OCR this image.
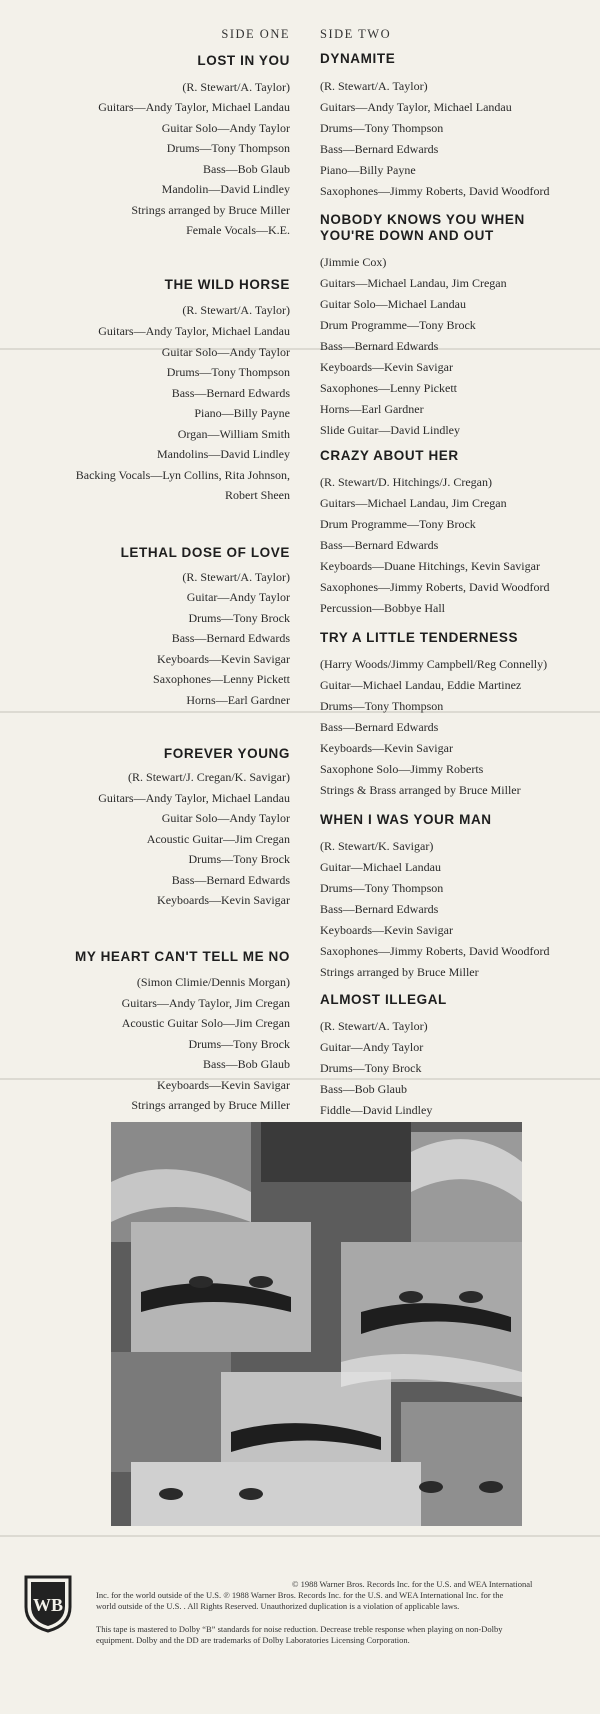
SIDE ONE SIDE TWO
LOST IN YOU
(R. Stewart/A. Taylor)
Guitars—Andy Taylor, Michael Landau
Guitar Solo—Andy Taylor
Drums—Tony Thompson
Bass—Bob Glaub
Mandolin—David Lindley
Strings arranged by Bruce Miller
Female Vocals—K.E.
THE WILD HORSE
(R. Stewart/A. Taylor)
Guitars—Andy Taylor, Michael Landau
Guitar Solo—Andy Taylor
Drums—Tony Thompson
Bass—Bernard Edwards
Piano—Billy Payne
Organ—William Smith
Mandolins—David Lindley
Backing Vocals—Lyn Collins, Rita Johnson,
Robert Sheen
LETHAL DOSE OF LOVE
(R. Stewart/A. Taylor)
Guitar—Andy Taylor
Drums—Tony Brock
Bass—Bernard Edwards
Keyboards—Kevin Savigar
Saxophones—Lenny Pickett
Horns—Earl Gardner
FOREVER YOUNG
(R. Stewart/J. Cregan/K. Savigar)
Guitars—Andy Taylor, Michael Landau
Guitar Solo—Andy Taylor
Acoustic Guitar—Jim Cregan
Drums—Tony Brock
Bass—Bernard Edwards
Keyboards—Kevin Savigar
MY HEART CAN'T TELL ME NO
(Simon Climie/Dennis Morgan)
Guitars—Andy Taylor, Jim Cregan
Acoustic Guitar Solo—Jim Cregan
Drums—Tony Brock
Bass—Bob Glaub
Keyboards—Kevin Savigar
Strings arranged by Bruce Miller
DYNAMITE
(R. Stewart/A. Taylor)
Guitars—Andy Taylor, Michael Landau
Drums—Tony Thompson
Bass—Bernard Edwards
Piano—Billy Payne
Saxophones—Jimmy Roberts, David Woodford
NOBODY KNOWS YOU WHEN
YOU'RE DOWN AND OUT
(Jimmie Cox)
Guitars—Michael Landau, Jim Cregan
Guitar Solo—Michael Landau
Drum Programme—Tony Brock
Bass—Bernard Edwards
Keyboards—Kevin Savigar
Saxophones—Lenny Pickett
Horns—Earl Gardner
Slide Guitar—David Lindley
CRAZY ABOUT HER
(R. Stewart/D. Hitchings/J. Cregan)
Guitars—Michael Landau, Jim Cregan
Drum Programme—Tony Brock
Bass—Bernard Edwards
Keyboards—Duane Hitchings, Kevin Savigar
Saxophones—Jimmy Roberts, David Woodford
Percussion—Bobbye Hall
TRY A LITTLE TENDERNESS
(Harry Woods/Jimmy Campbell/Reg Connelly)
Guitar—Michael Landau, Eddie Martinez
Drums—Tony Thompson
Bass—Bernard Edwards
Keyboards—Kevin Savigar
Saxophone Solo—Jimmy Roberts
Strings & Brass arranged by Bruce Miller
WHEN I WAS YOUR MAN
(R. Stewart/K. Savigar)
Guitar—Michael Landau
Drums—Tony Thompson
Bass—Bernard Edwards
Keyboards—Kevin Savigar
Saxophones—Jimmy Roberts, David Woodford
Strings arranged by Bruce Miller
ALMOST ILLEGAL
(R. Stewart/A. Taylor)
Guitar—Andy Taylor
Drums—Tony Brock
Bass—Bob Glaub
Fiddle—David Lindley
WB
© 1988 Warner Bros. Records Inc. for the U.S. and WEA International
Inc. for the world outside of the U.S. ℗ 1988 Warner Bros. Records Inc. for the U.S. and WEA International Inc. for the
world outside of the U.S. . All Rights Reserved. Unauthorized duplication is a violation of applicable laws.
This tape is mastered to Dolby “B” standards for noise reduction. Decrease treble response when playing on non-Dolby
equipment. Dolby and the DD are trademarks of Dolby Laboratories Licensing Corporation.
